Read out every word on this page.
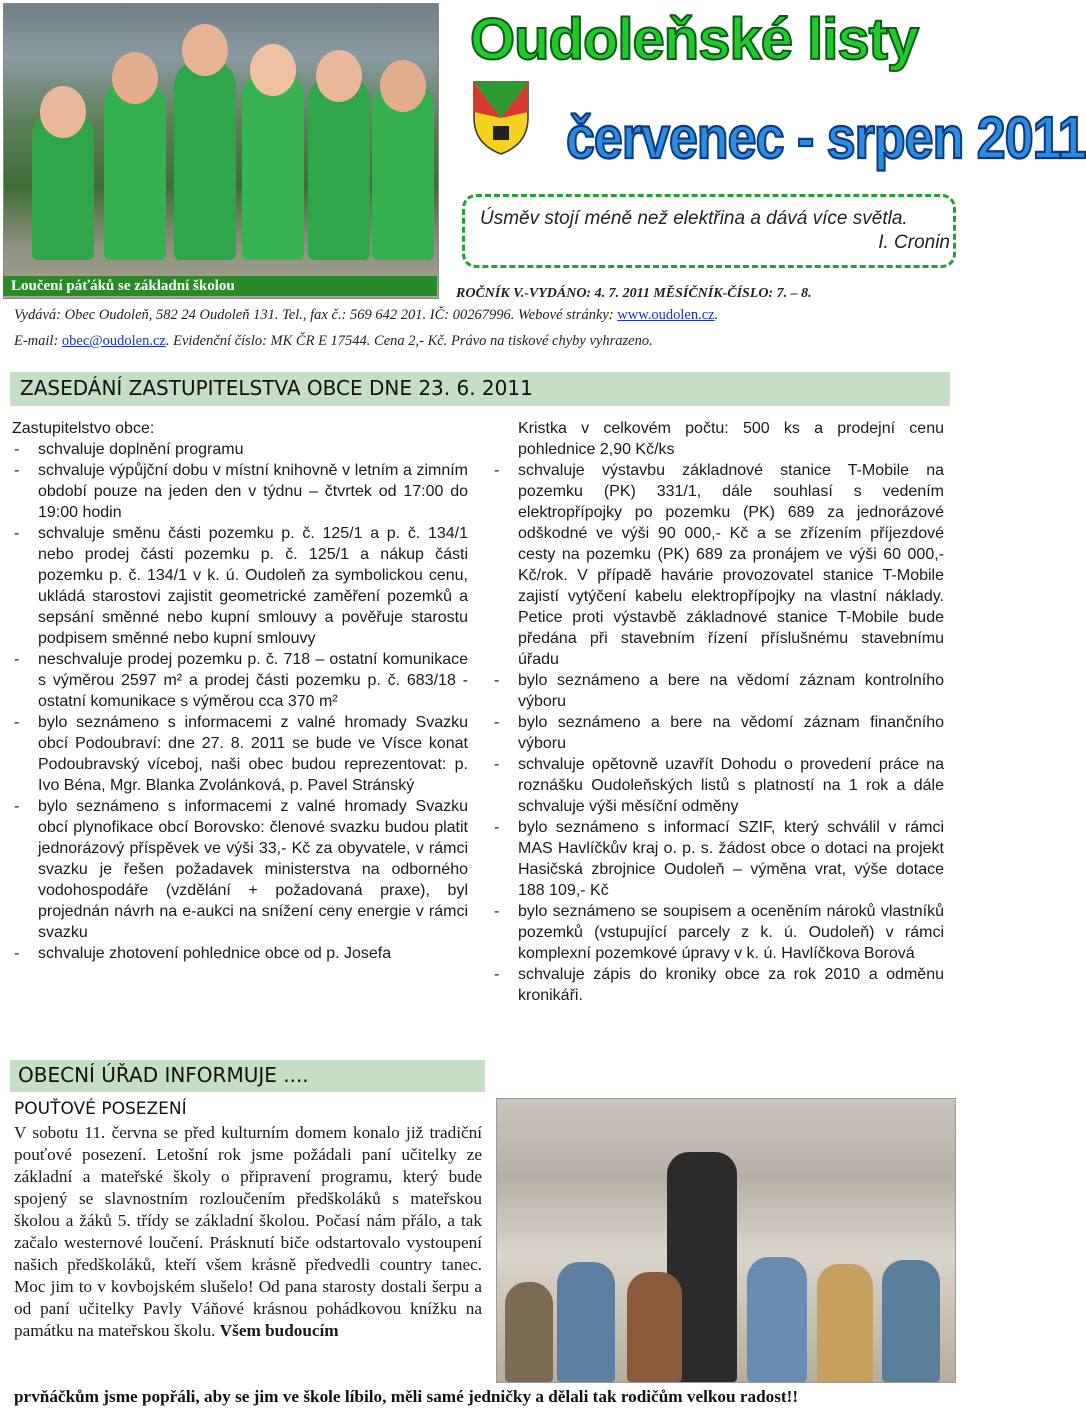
Loučení páťáků se základní školou
Oudoleňské listy
červenec - srpen 2011
Úsměv stojí méně než elektřina a dává více světla.

I. Cronin
ROČNÍK V.-VYDÁNO: 4. 7. 2011 MĚSÍČNÍK-ČÍSLO: 7. – 8.
Vydává: Obec Oudoleň, 582 24 Oudoleň 131. Tel., fax č.: 569 642 201. IČ: 00267996. Webové stránky: www.oudolen.cz.
E-mail: obec@oudolen.cz. Evidenční číslo: MK ČR E 17544. Cena 2,- Kč. Právo na tiskové chyby vyhrazeno.
ZASEDÁNÍ ZASTUPITELSTVA OBCE DNE 23. 6. 2011

Zastupitelstvo obce:

- schvaluje doplnění programu
- schvaluje výpůjční dobu v místní knihovně v letním a zimním období pouze na jeden den v týdnu – čtvrtek od 17:00 do 19:00 hodin
- schvaluje směnu části pozemku p. č. 125/1 a p. č. 134/1 nebo prodej části pozemku p. č. 125/1 a nákup části pozemku p. č. 134/1 v k. ú. Oudoleň za symbolickou cenu, ukládá starostovi zajistit geometrické zaměření pozemků a sepsání směnné nebo kupní smlouvy a pověřuje starostu podpisem směnné nebo kupní smlouvy
- neschvaluje prodej pozemku p. č. 718 – ostatní komunikace s výměrou 2597 m² a prodej části pozemku p. č. 683/18 - ostatní komunikace s výměrou cca 370 m²
- bylo seznámeno s informacemi z valné hromady Svazku obcí Podoubraví: dne 27. 8. 2011 se bude ve Vísce konat Podoubravský víceboj, naši obec budou reprezentovat: p. Ivo Béna, Mgr. Blanka Zvolánková, p. Pavel Stránský
- bylo seznámeno s informacemi z valné hromady Svazku obcí plynofikace obcí Borovsko: členové svazku budou platit jednorázový příspěvek ve výši 33,- Kč za obyvatele, v rámci svazku je řešen požadavek ministerstva na odborného vodohospodáře (vzdělání + požadovaná praxe), byl projednán návrh na e-aukci na snížení ceny energie v rámci svazku
- schvaluje zhotovení pohlednice obce od p. Josefa

Kristka v celkovém počtu: 500 ks a prodejní cenu pohlednice 2,90 Kč/ks

- schvaluje výstavbu základnové stanice T-Mobile na pozemku (PK) 331/1, dále souhlasí s vedením elektropřípojky po pozemku (PK) 689 za jednorázové odškodné ve výši 90 000,- Kč a se zřízením příjezdové cesty na pozemku (PK) 689 za pronájem ve výši 60 000,- Kč/rok. V případě havárie provozovatel stanice T-Mobile zajistí vytýčení kabelu elektropřípojky na vlastní náklady. Petice proti výstavbě základnové stanice T-Mobile bude předána při stavebním řízení příslušnému stavebnímu úřadu
- bylo seznámeno a bere na vědomí záznam kontrolního výboru
- bylo seznámeno a bere na vědomí záznam finančního výboru
- schvaluje opětovně uzavřít Dohodu o provedení práce na roznášku Oudoleňských listů s platností na 1 rok a dále schvaluje výši měsíční odměny
- bylo seznámeno s informací SZIF, který schválil v rámci MAS Havlíčkův kraj o. p. s. žádost obce o dotaci na projekt Hasičská zbrojnice Oudoleň – výměna vrat, výše dotace 188 109,- Kč
- bylo seznámeno se soupisem a oceněním nároků vlastníků pozemků (vstupující parcely z k. ú. Oudoleň) v rámci komplexní pozemkové úpravy v k. ú. Havlíčkova Borová
- schvaluje zápis do kroniky obce za rok 2010 a odměnu kronikáři.
OBECNÍ ÚŘAD INFORMUJE ....
POUŤOVÉ POSEZENÍ
V sobotu 11. června se před kulturním domem konalo již tradiční pouťové posezení. Letošní rok jsme požádali paní učitelky ze základní a mateřské školy o připravení programu, který bude spojený se slavnostním rozloučením předškoláků s mateřskou školou a žáků 5. třídy se základní školou. Počasí nám přálo, a tak začalo westernové loučení. Prásknutí biče odstartovalo vystoupení našich předškoláků, kteří všem krásně předvedli country tanec. Moc jim to v kovbojském slušelo! Od pana starosty dostali šerpu a od paní učitelky Pavly Váňové krásnou pohádkovou knížku na památku na mateřskou školu. Všem budoucím
prvňáčkům jsme popřáli, aby se jim ve škole líbilo, měli samé jedničky a dělali tak rodičům velkou radost!!
